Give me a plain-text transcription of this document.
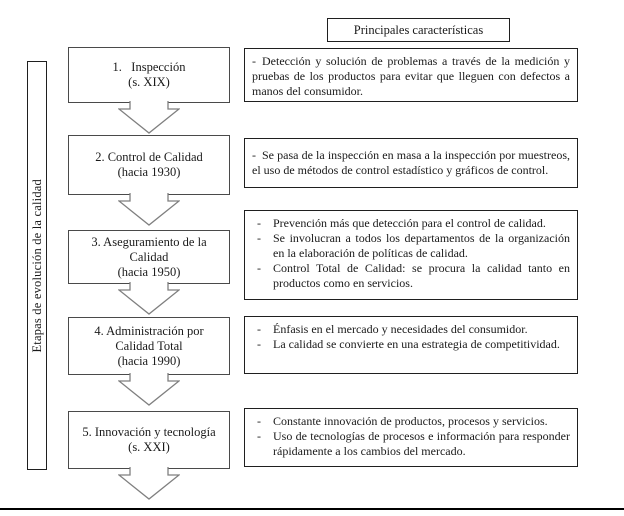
Etapas de evolución de la calidad
Principales características
1.   Inspección
(s. XIX)
2. Control de Calidad
(hacia 1930)
3. Aseguramiento de la
Calidad
(hacia 1950)
4. Administración por
Calidad Total
(hacia 1990)
5. Innovación y tecnología
(s. XXI)
- Detección y solución de problemas a través de la medición y pruebas de los productos para evitar que lleguen con defectos a manos del consumidor.
- Se pasa de la inspección en masa a la inspección por muestreos, el uso de métodos de control estadístico y gráficos de control.
-	Prevención más que detección para el control de calidad.
-	Se involucran a todos los departamentos de la organización en la elaboración de políticas de calidad.
-	Control Total de Calidad: se procura la calidad tanto en productos como en servicios.
-	Énfasis en el mercado y necesidades del consumidor.
-	La calidad se convierte en una estrategia de competitividad.
-	Constante innovación de productos, procesos y servicios.
-	Uso de tecnologías de procesos e información para responder rápidamente a los cambios del mercado.
